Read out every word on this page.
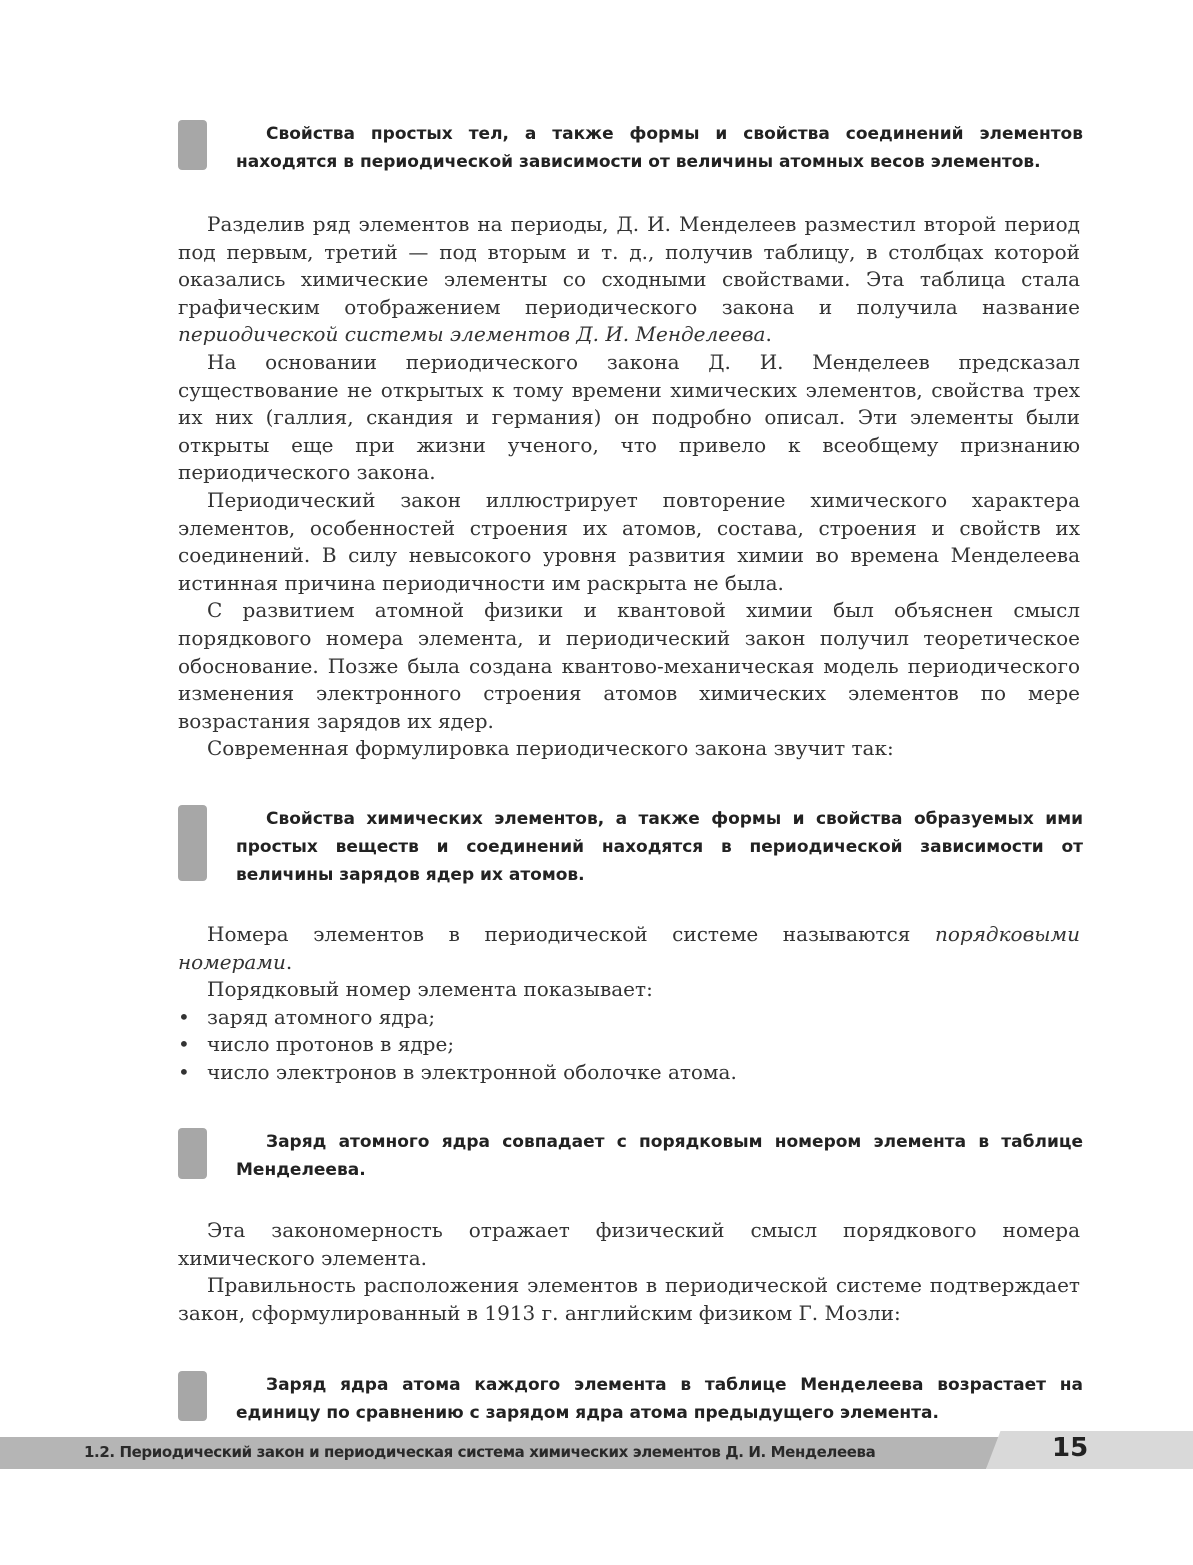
Свойства простых тел, а также формы и свойства соединений элементов находятся в периодической зависимости от величины атомных весов элементов.

Разделив ряд элементов на периоды, Д. И. Менделеев разместил второй период под первым, третий — под вторым и т. д., получив таблицу, в столбцах которой оказались химические элементы со сходными свойствами. Эта таблица стала графическим отображением периодического закона и получила название периодической системы элементов Д. И. Менделеева.

На основании периодического закона Д. И. Менделеев предсказал существование не открытых к тому времени химических элементов, свойства трех их них (галлия, скандия и германия) он подробно описал. Эти элементы были открыты еще при жизни ученого, что привело к всеобщему признанию периодического закона.

Периодический закон иллюстрирует повторение химического характера элементов, особенностей строения их атомов, состава, строения и свойств их соединений. В силу невысокого уровня развития химии во времена Менделеева истинная причина периодичности им раскрыта не была.

С развитием атомной физики и квантовой химии был объяснен смысл порядкового номера элемента, и периодический закон получил теоретическое обоснование. Позже была создана квантово-механическая модель периодического изменения электронного строения атомов химических элементов по мере возрастания зарядов их ядер.

Современная формулировка периодического закона звучит так:

Свойства химических элементов, а также формы и свойства образуемых ими простых веществ и соединений находятся в периодической зависимости от величины зарядов ядер их атомов.

Номера элементов в периодической системе называются порядковыми номерами.

Порядковый номер элемента показывает:

• заряд атомного ядра;

• число протонов в ядре;

• число электронов в электронной оболочке атома.

Заряд атомного ядра совпадает с порядковым номером элемента в таблице Менделеева.

Эта закономерность отражает физический смысл порядкового номера химического элемента.

Правильность расположения элементов в периодической системе подтверждает закон, сформулированный в 1913 г. английским физиком Г. Мозли:

Заряд ядра атома каждого элемента в таблице Менделеева возрастает на единицу по сравнению с зарядом ядра атома предыдущего элемента.

1.2. Периодический закон и периодическая система химических элементов Д. И. Менделеева	15
